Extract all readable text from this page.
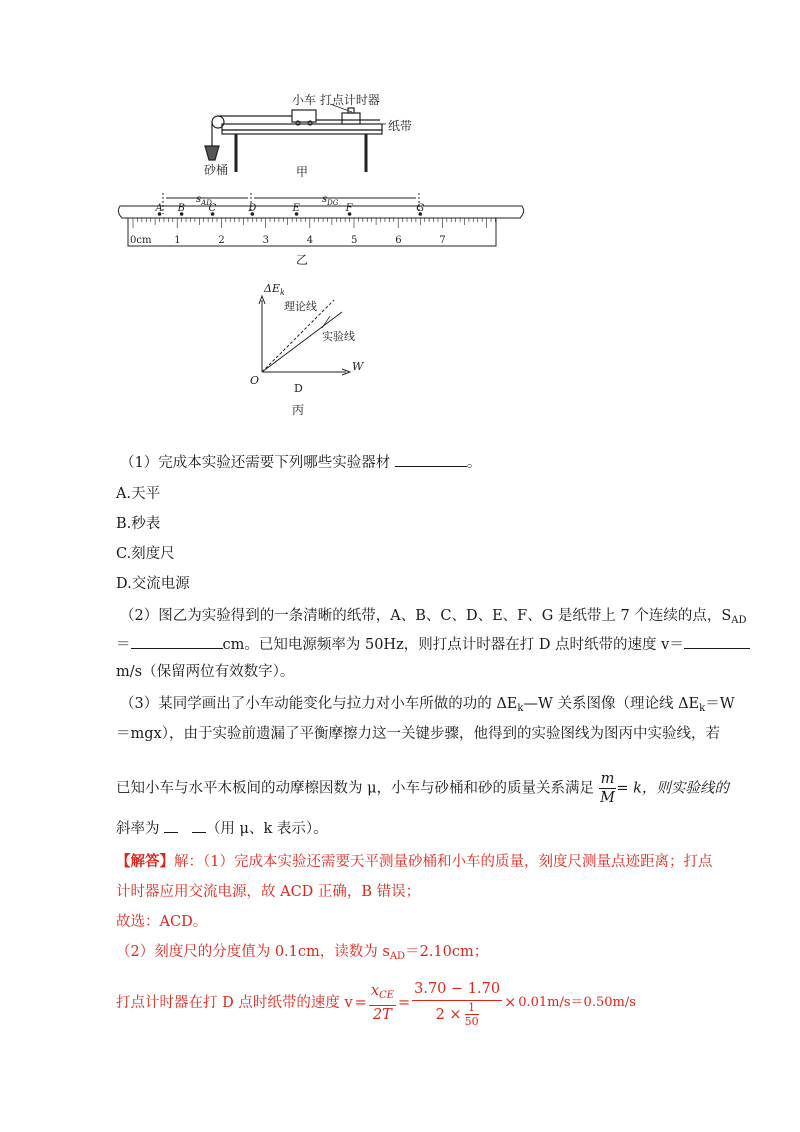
小车 打点计时器
纸带
砂桶	甲
$s_{AD}$	$s_{DG}$
A B C	D	E	F	G
0cm 1	2	3	4	5	6	7
乙
$\Delta E_k$
W
O
理论线
实验线
D
丙
（1）完成本实验还需要下列哪些实验器材	。
A.天平
B.秒表
C.刻度尺
D.交流电源
（2）图乙为实验得到的一条清晰的纸带，A、B、C、D、E、F、G 是纸带上 7 个连续的点，$S_{AD}$
＝	cm。已知电源频率为 50Hz，则打点计时器在打 D 点时纸带的速度 v＝
m/s（保留两位有效数字）。
（3）某同学画出了小车动能变化与拉力对小车所做的功的 $\Delta E_k—W$ 关系图像（理论线 $\Delta E_k=W$
＝mgx），由于实验前遗漏了平衡摩擦力这一关键步骤，他得到的实验图线为图丙中实验线，若
已知小车与水平木板间的动摩檫因数为 μ，小车与砂桶和砂的质量关系满足 $\frac{m}{M} = k$，则实验线的
斜率为	（用 μ、k 表示）。
【解答】解：（1）完成本实验还需要天平测量砂桶和小车的质量，刻度尺测量点迹距离；打点
计时器应用交流电源，故 ACD 正确，B 错误；
故选：ACD。
（2）刻度尺的分度值为 0.1cm，读数为 $s_{AD}=2.10cm$；
打点计时器在打 D 点时纸带的速度 $v = \frac{x_{CE}}{2T} = \frac{3.70 - 1.70}{2 \times \frac{1}{50}} \times 0.01m/s=0.50m/s$
